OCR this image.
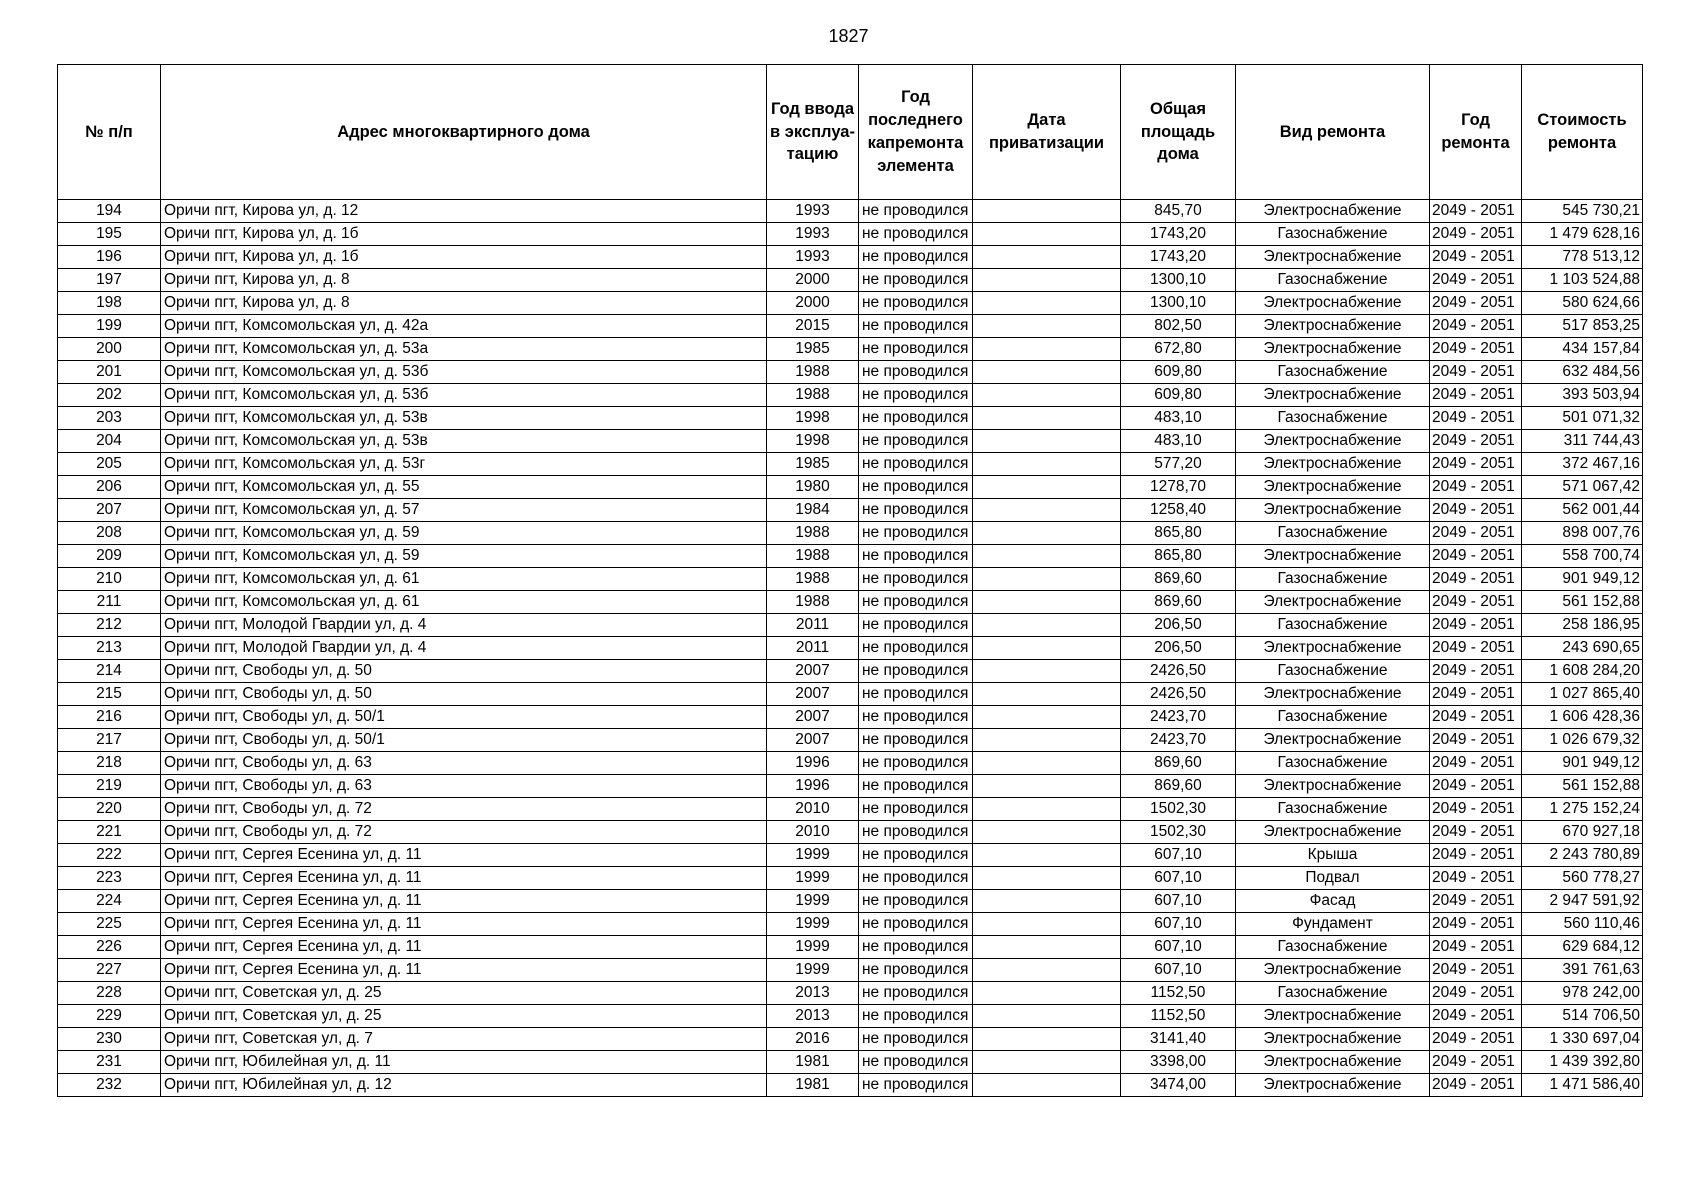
1827
№ п/п	Адрес многоквартирного дома	Год ввода в эксплуа-тацию	Год последнего капремонта элемента	Дата приватизации	Общая площадь дома	Вид ремонта	Год ремонта	Стоимость ремонта
194	Оричи пгт, Кирова ул, д. 12	1993	не проводился		845,70	Электроснабжение	2049 - 2051	545 730,21
195	Оричи пгт, Кирова ул, д. 1б	1993	не проводился		1743,20	Газоснабжение	2049 - 2051	1 479 628,16
196	Оричи пгт, Кирова ул, д. 1б	1993	не проводился		1743,20	Электроснабжение	2049 - 2051	778 513,12
197	Оричи пгт, Кирова ул, д. 8	2000	не проводился		1300,10	Газоснабжение	2049 - 2051	1 103 524,88
198	Оричи пгт, Кирова ул, д. 8	2000	не проводился		1300,10	Электроснабжение	2049 - 2051	580 624,66
199	Оричи пгт, Комсомольская ул, д. 42а	2015	не проводился		802,50	Электроснабжение	2049 - 2051	517 853,25
200	Оричи пгт, Комсомольская ул, д. 53а	1985	не проводился		672,80	Электроснабжение	2049 - 2051	434 157,84
201	Оричи пгт, Комсомольская ул, д. 53б	1988	не проводился		609,80	Газоснабжение	2049 - 2051	632 484,56
202	Оричи пгт, Комсомольская ул, д. 53б	1988	не проводился		609,80	Электроснабжение	2049 - 2051	393 503,94
203	Оричи пгт, Комсомольская ул, д. 53в	1998	не проводился		483,10	Газоснабжение	2049 - 2051	501 071,32
204	Оричи пгт, Комсомольская ул, д. 53в	1998	не проводился		483,10	Электроснабжение	2049 - 2051	311 744,43
205	Оричи пгт, Комсомольская ул, д. 53г	1985	не проводился		577,20	Электроснабжение	2049 - 2051	372 467,16
206	Оричи пгт, Комсомольская ул, д. 55	1980	не проводился		1278,70	Электроснабжение	2049 - 2051	571 067,42
207	Оричи пгт, Комсомольская ул, д. 57	1984	не проводился		1258,40	Электроснабжение	2049 - 2051	562 001,44
208	Оричи пгт, Комсомольская ул, д. 59	1988	не проводился		865,80	Газоснабжение	2049 - 2051	898 007,76
209	Оричи пгт, Комсомольская ул, д. 59	1988	не проводился		865,80	Электроснабжение	2049 - 2051	558 700,74
210	Оричи пгт, Комсомольская ул, д. 61	1988	не проводился		869,60	Газоснабжение	2049 - 2051	901 949,12
211	Оричи пгт, Комсомольская ул, д. 61	1988	не проводился		869,60	Электроснабжение	2049 - 2051	561 152,88
212	Оричи пгт, Молодой Гвардии ул, д. 4	2011	не проводился		206,50	Газоснабжение	2049 - 2051	258 186,95
213	Оричи пгт, Молодой Гвардии ул, д. 4	2011	не проводился		206,50	Электроснабжение	2049 - 2051	243 690,65
214	Оричи пгт, Свободы ул, д. 50	2007	не проводился		2426,50	Газоснабжение	2049 - 2051	1 608 284,20
215	Оричи пгт, Свободы ул, д. 50	2007	не проводился		2426,50	Электроснабжение	2049 - 2051	1 027 865,40
216	Оричи пгт, Свободы ул, д. 50/1	2007	не проводился		2423,70	Газоснабжение	2049 - 2051	1 606 428,36
217	Оричи пгт, Свободы ул, д. 50/1	2007	не проводился		2423,70	Электроснабжение	2049 - 2051	1 026 679,32
218	Оричи пгт, Свободы ул, д. 63	1996	не проводился		869,60	Газоснабжение	2049 - 2051	901 949,12
219	Оричи пгт, Свободы ул, д. 63	1996	не проводился		869,60	Электроснабжение	2049 - 2051	561 152,88
220	Оричи пгт, Свободы ул, д. 72	2010	не проводился		1502,30	Газоснабжение	2049 - 2051	1 275 152,24
221	Оричи пгт, Свободы ул, д. 72	2010	не проводился		1502,30	Электроснабжение	2049 - 2051	670 927,18
222	Оричи пгт, Сергея Есенина ул, д. 11	1999	не проводился		607,10	Крыша	2049 - 2051	2 243 780,89
223	Оричи пгт, Сергея Есенина ул, д. 11	1999	не проводился		607,10	Подвал	2049 - 2051	560 778,27
224	Оричи пгт, Сергея Есенина ул, д. 11	1999	не проводился		607,10	Фасад	2049 - 2051	2 947 591,92
225	Оричи пгт, Сергея Есенина ул, д. 11	1999	не проводился		607,10	Фундамент	2049 - 2051	560 110,46
226	Оричи пгт, Сергея Есенина ул, д. 11	1999	не проводился		607,10	Газоснабжение	2049 - 2051	629 684,12
227	Оричи пгт, Сергея Есенина ул, д. 11	1999	не проводился		607,10	Электроснабжение	2049 - 2051	391 761,63
228	Оричи пгт, Советская ул, д. 25	2013	не проводился		1152,50	Газоснабжение	2049 - 2051	978 242,00
229	Оричи пгт, Советская ул, д. 25	2013	не проводился		1152,50	Электроснабжение	2049 - 2051	514 706,50
230	Оричи пгт, Советская ул, д. 7	2016	не проводился		3141,40	Электроснабжение	2049 - 2051	1 330 697,04
231	Оричи пгт, Юбилейная ул, д. 11	1981	не проводился		3398,00	Электроснабжение	2049 - 2051	1 439 392,80
232	Оричи пгт, Юбилейная ул, д. 12	1981	не проводился		3474,00	Электроснабжение	2049 - 2051	1 471 586,40
